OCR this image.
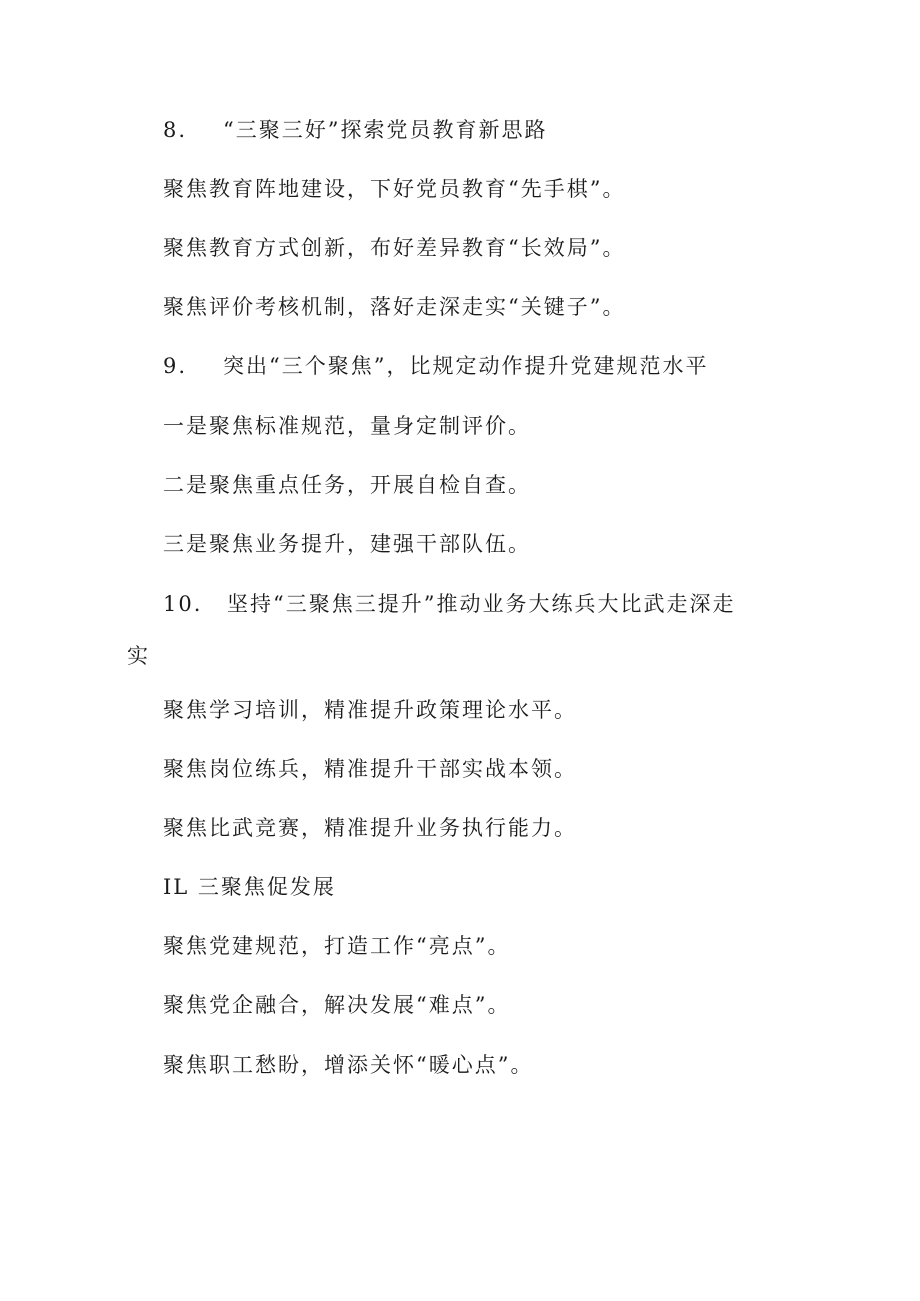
8. “三聚三好”探索党员教育新思路
聚焦教育阵地建设，下好党员教育“先手棋”。
聚焦教育方式创新，布好差异教育“长效局”。
聚焦评价考核机制，落好走深走实“关键子”。
9. 突出“三个聚焦”，比规定动作提升党建规范水平
一是聚焦标准规范，量身定制评价。
二是聚焦重点任务，开展自检自查。
三是聚焦业务提升，建强干部队伍。
10. 坚持“三聚焦三提升”推动业务大练兵大比武走深走
实
聚焦学习培训，精准提升政策理论水平。
聚焦岗位练兵，精准提升干部实战本领。
聚焦比武竞赛，精准提升业务执行能力。
IL 三聚焦促发展
聚焦党建规范，打造工作“亮点”。
聚焦党企融合，解决发展“难点”。
聚焦职工愁盼，增添关怀“暖心点”。
